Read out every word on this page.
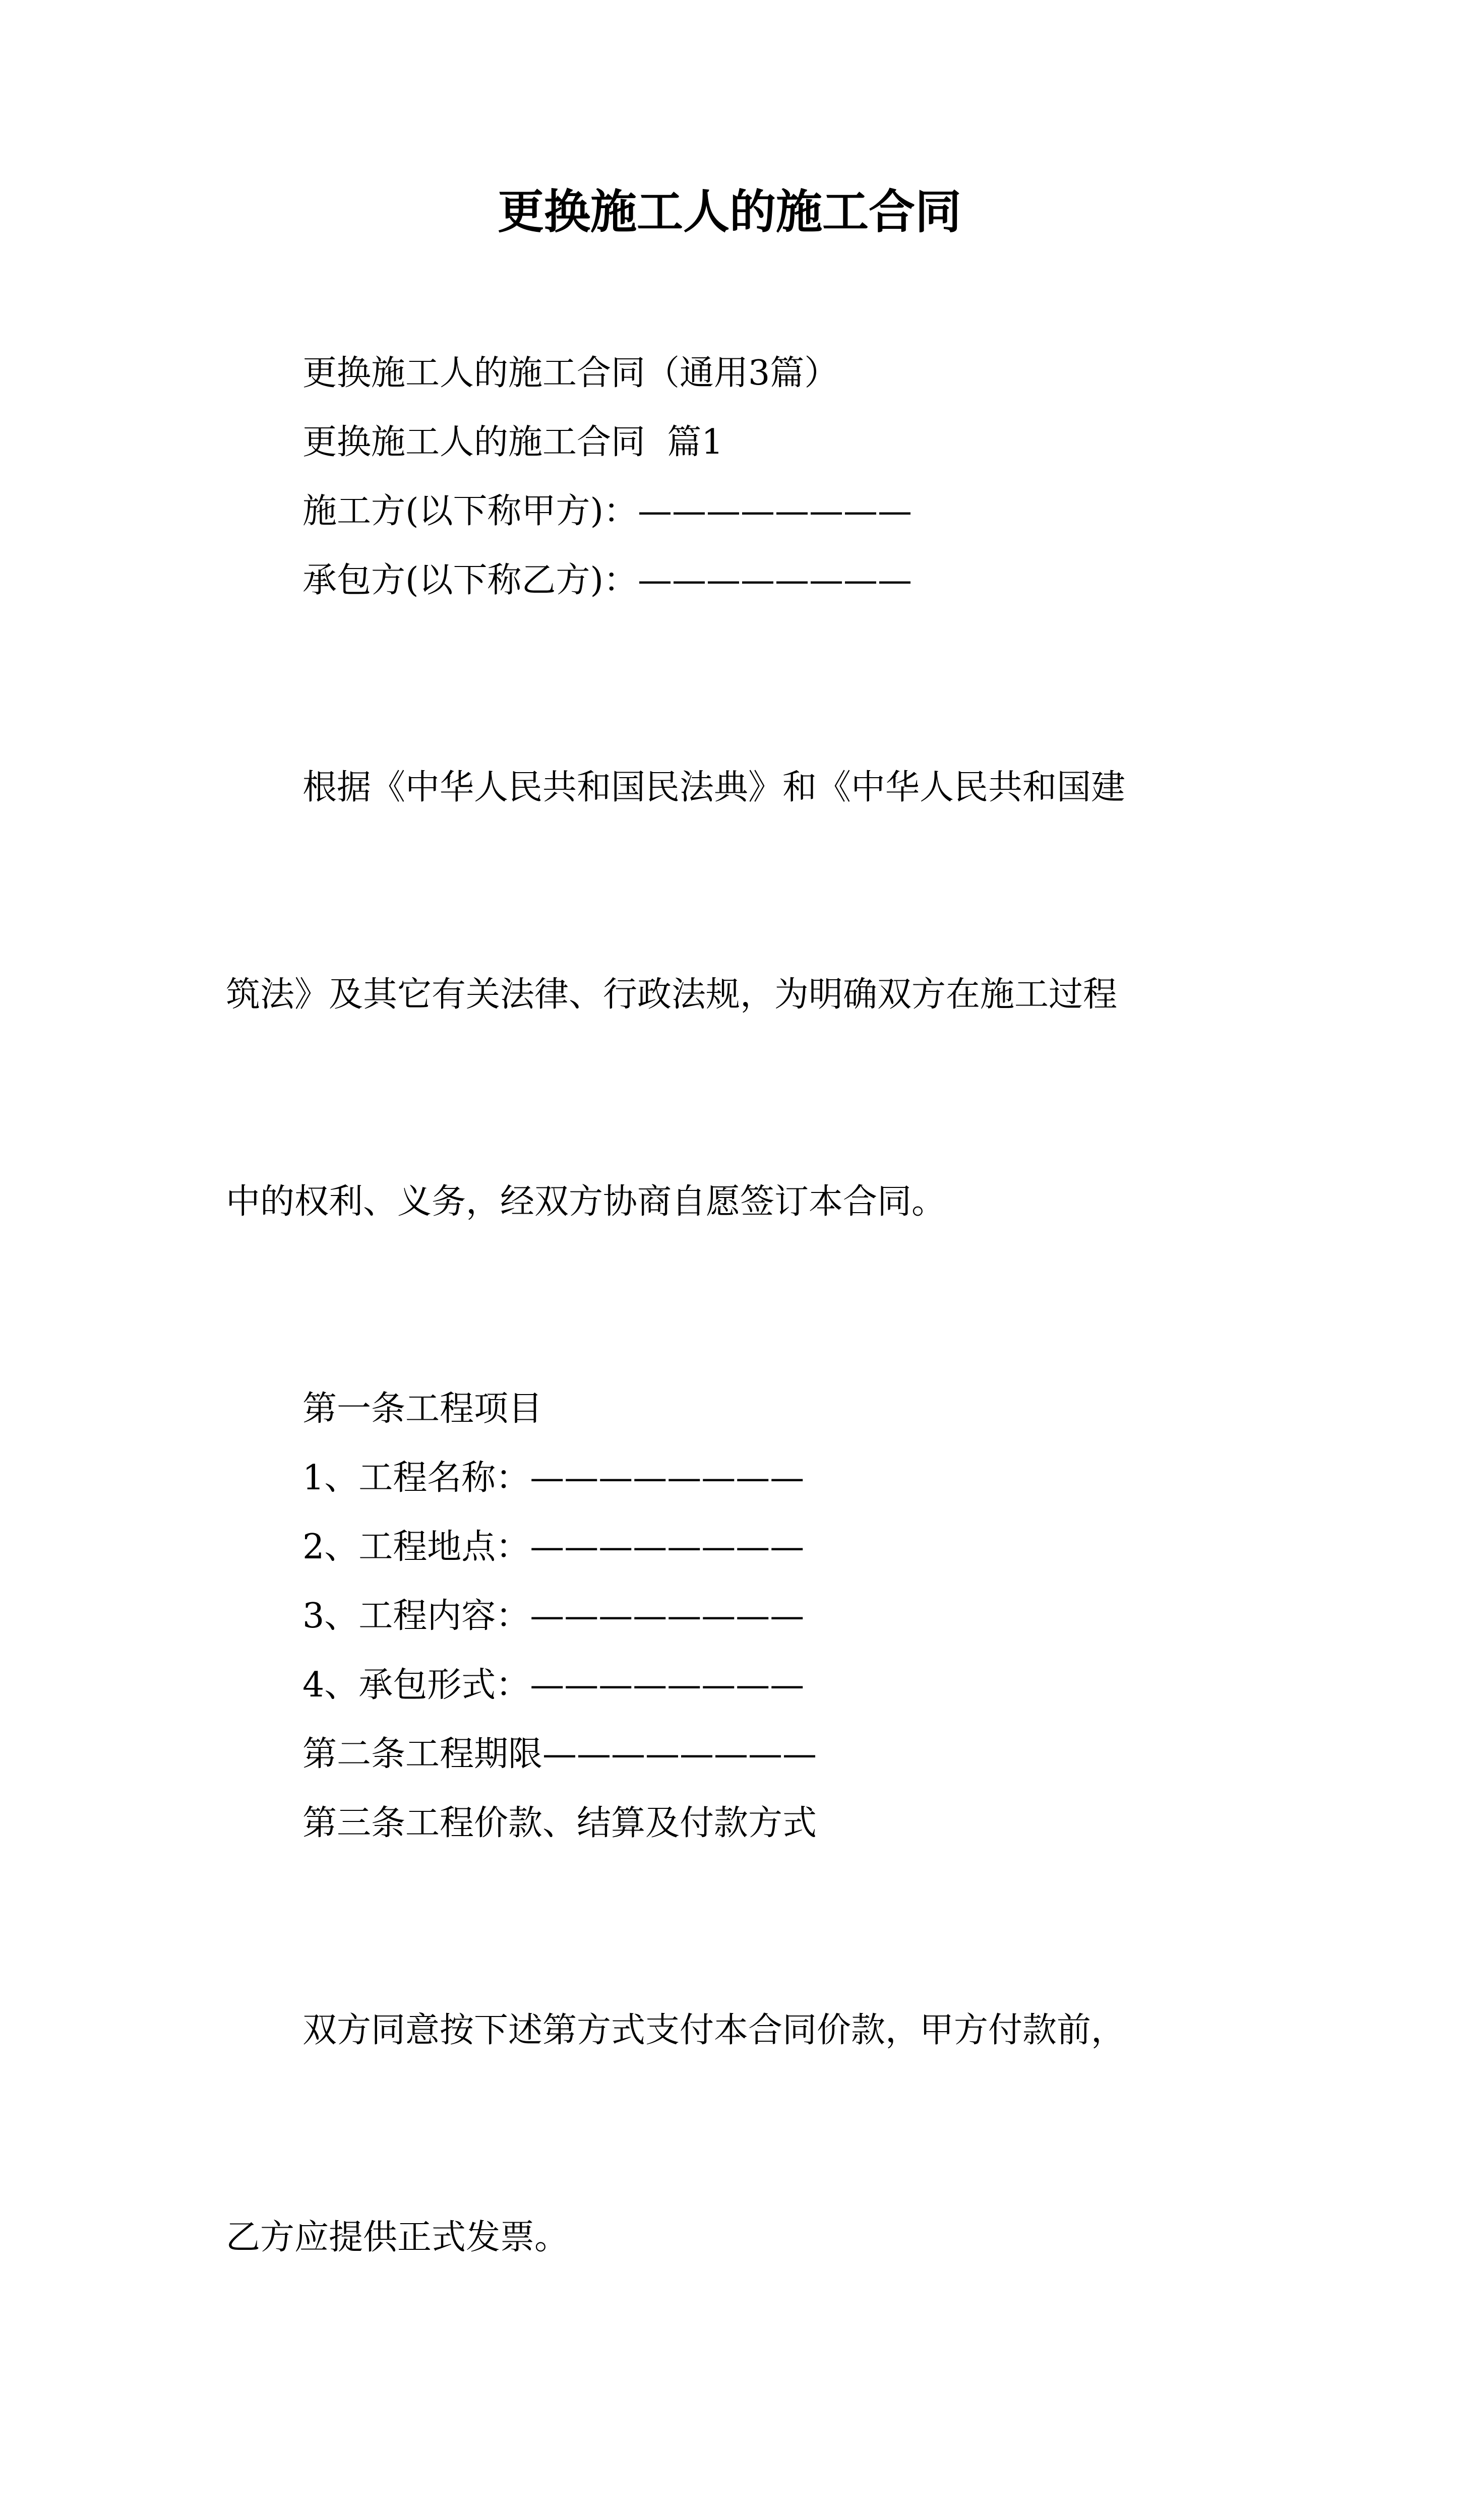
更换施工人的施工合同

更换施工人的施工合同（通用3篇）

更换施工人的施工合同  篇1

施工方(以下称甲方)：————————

承包方(以下称乙方)：————————

根据《中华人民共和国民法典》和《中华人民共和国建

筑法》及其它有关法律、行政法规，为明确双方在施工过程

中的权利、义务，经双方协商自愿签订本合同。

第一条工程项目

1、工程名称：————————

2、工程地点：————————

3、工程内容：————————

4、承包形式：————————

第二条工程期限————————

第三条工程价款、结算及付款方式

双方同意按下述第方式支付本合同价款，甲方付款前，

乙方应提供正式发票。
